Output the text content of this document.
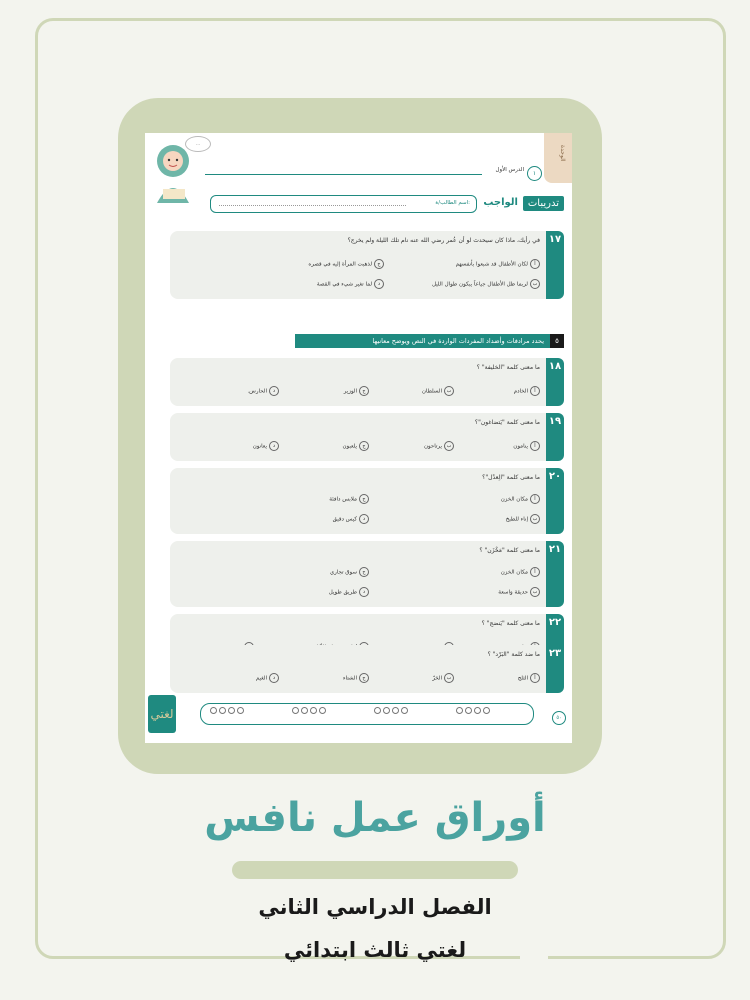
الوحدة
١
الدرس الأول
...
تدريبات
الواجب
اسم الطالب/ة:
١٧
في رأيك، ماذا كان سيحدث لو أن عُمر رضي الله عنه نام تلك الليلة ولم يخرج؟
ألكان الأطفال قد شبعوا بأنفسهم
بلربما ظل الأطفال جياعاً يبكون طوال الليل
جلذهبت المرأة إليه في قصره
دلما تغير شيء في القصة
يحدد مرادفات وأضداد المفردات الواردة في النص ويوضح معانيها	٥
١٨
ما معنى كلمة "الخليفة" ؟
أالخادم
بالسلطان
جالوزير
دالحارس.
١٩
ما معنى كلمة "يَتضاغون"؟
أينامون
بيرتاحون
جيلعبون
ديعانون
٢٠
ما معنى كلمة "الِعدْل"؟
أمكان الخزن
بإناء للطبخ
جملابس دافئة
دكيس دقيق
٢١
ما معنى كلمة "مَخْزَن" ؟
أمكان الخزن
بحديقة واسعة
جسوق تجاري
دطريق طويل
٢٢
ما معنى كلمة "يَنضج" ؟
٢٣
ما ضد كلمة "البَرْد" ؟
أالثلج
بالحَرّ
جالشتاء
دالغيم
لغتي	٥٠
أوراق عمل نافس
الفصل الدراسي الثاني
لغتي ثالث ابتدائي
